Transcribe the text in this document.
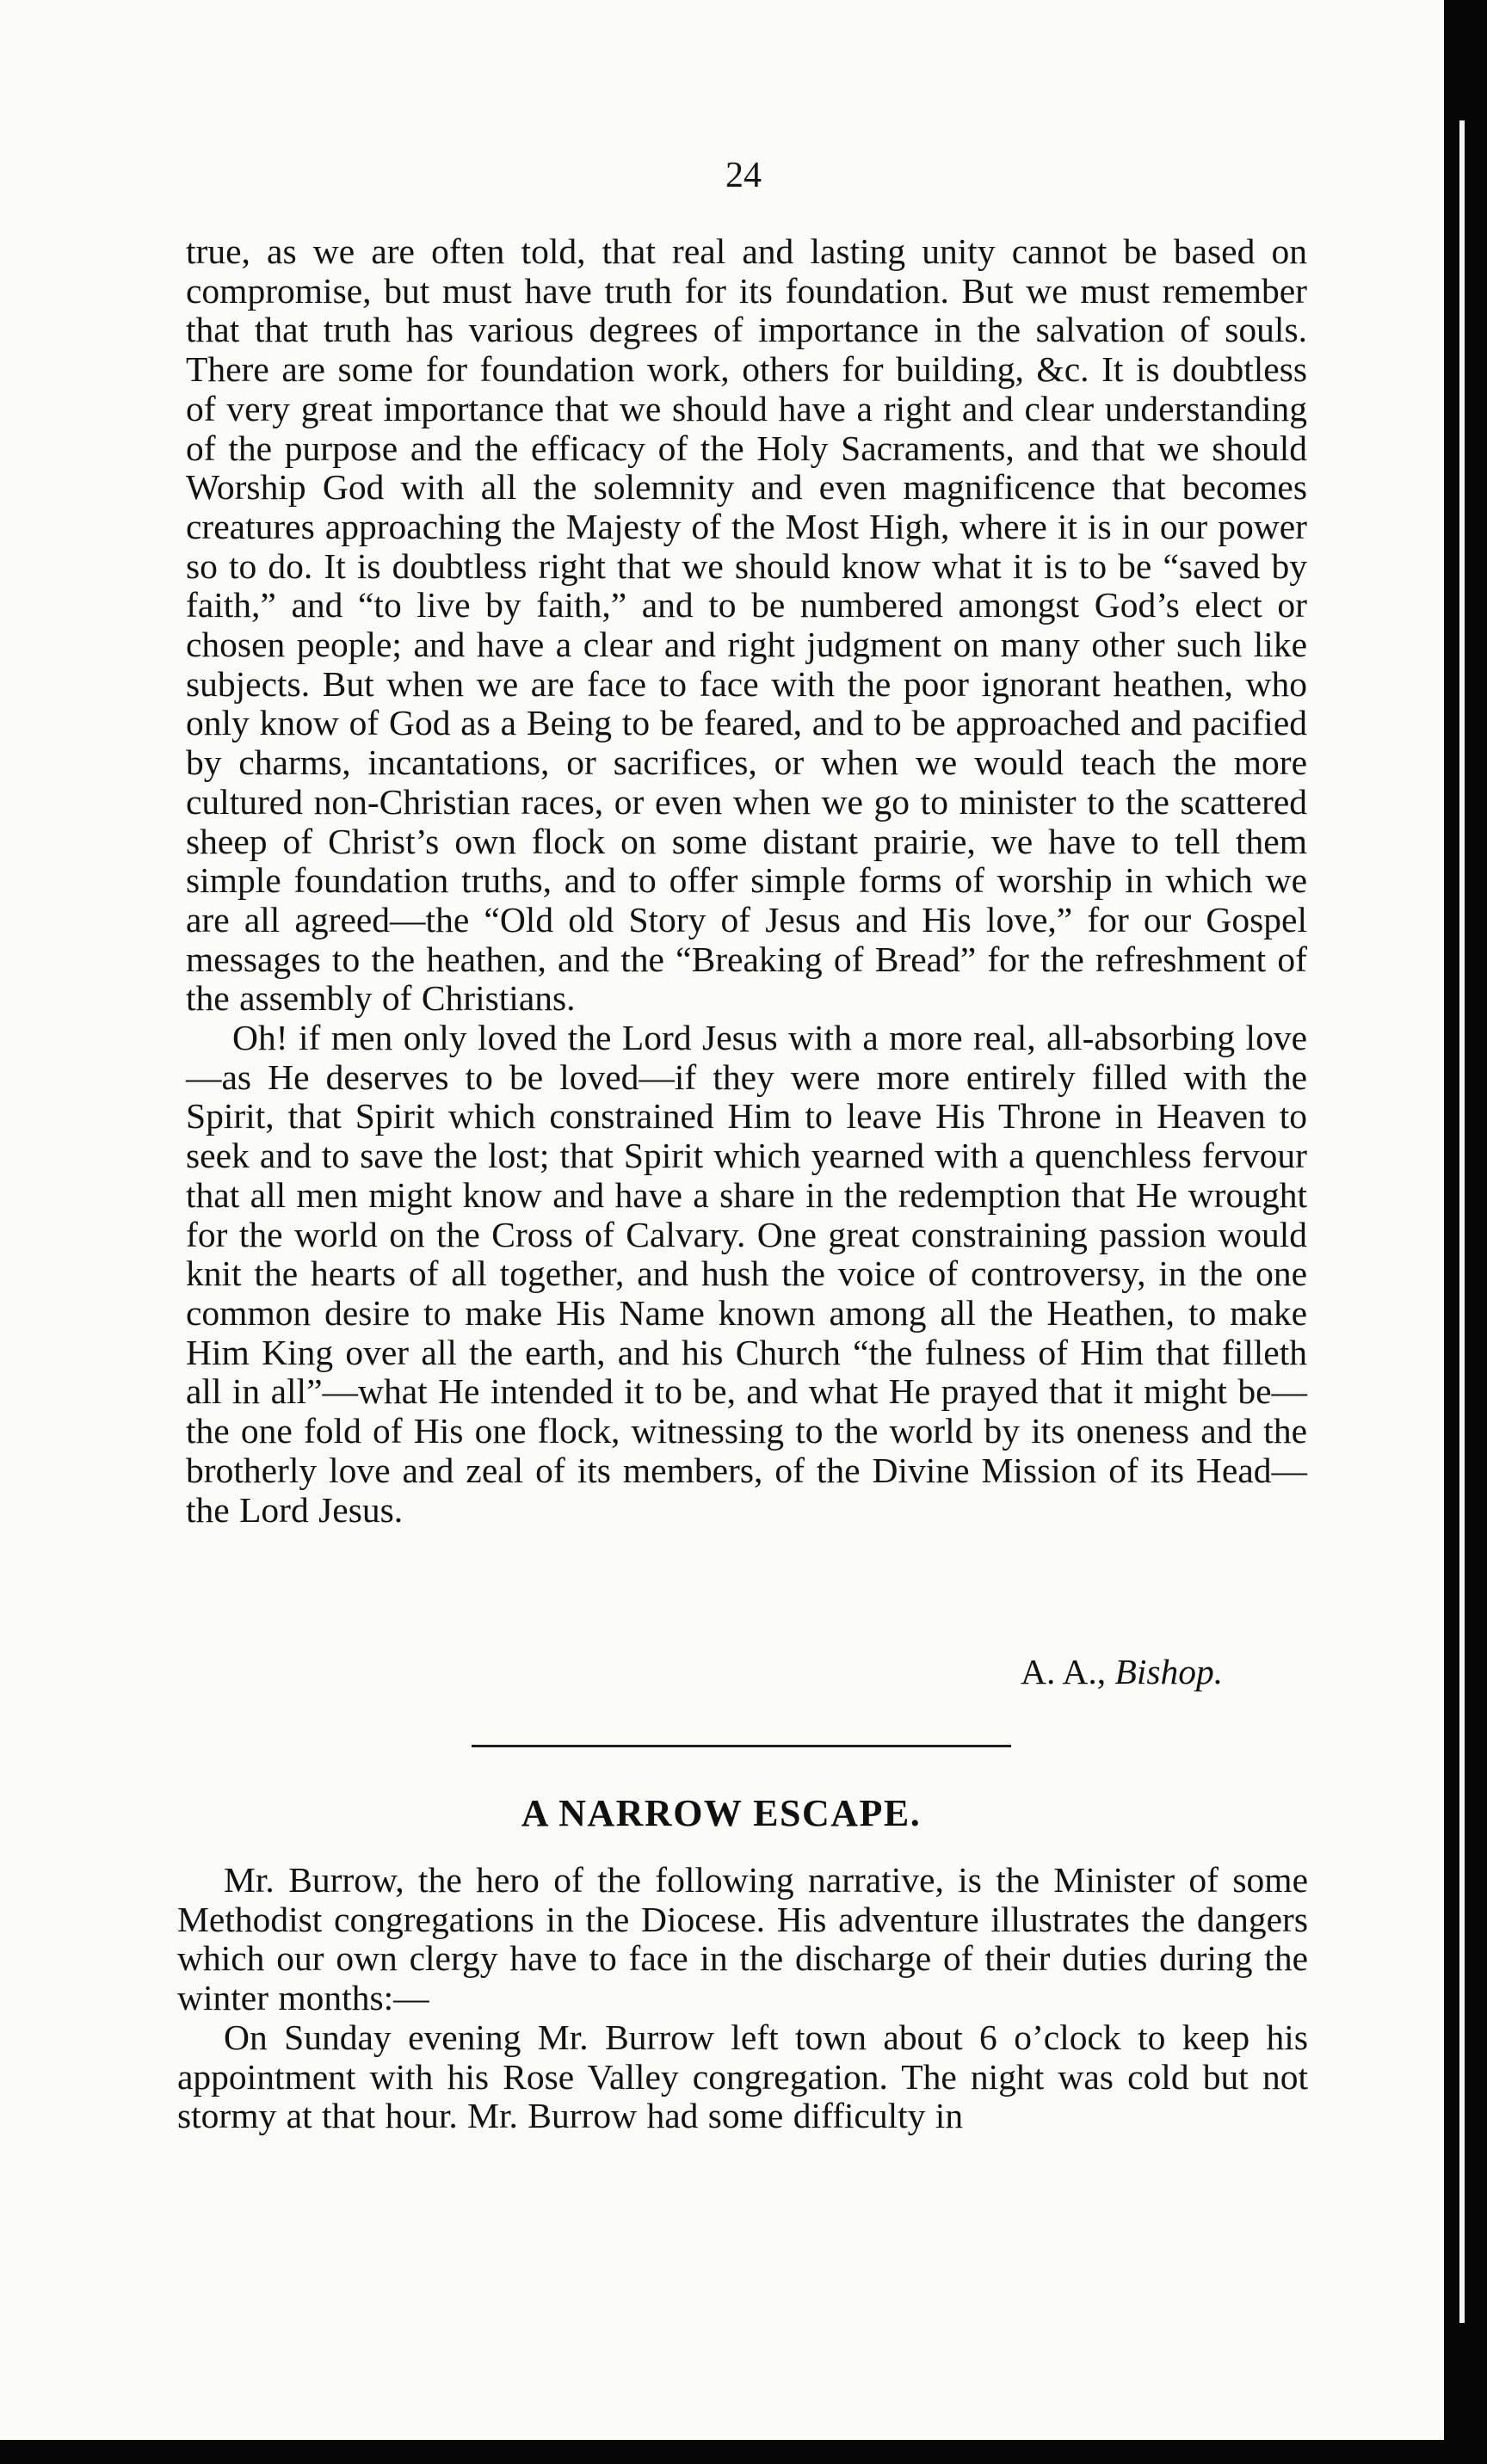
24

true, as we are often told, that real and lasting unity cannot be based on compromise, but must have truth for its foundation. But we must remember that that truth has various degrees of importance in the salvation of souls. There are some for foundation work, others for building, &c. It is doubtless of very great importance that we should have a right and clear understanding of the purpose and the efficacy of the Holy Sacraments, and that we should Worship God with all the solemnity and even magnificence that becomes creatures approaching the Majesty of the Most High, where it is in our power so to do. It is doubtless right that we should know what it is to be “saved by faith,” and “to live by faith,” and to be numbered amongst God’s elect or chosen people; and have a clear and right judgment on many other such like subjects. But when we are face to face with the poor ignorant heathen, who only know of God as a Being to be feared, and to be approached and pacified by charms, incantations, or sacrifices, or when we would teach the more cultured non-Christian races, or even when we go to minister to the scattered sheep of Christ’s own flock on some distant prairie, we have to tell them simple foundation truths, and to offer simple forms of worship in which we are all agreed—the “Old old Story of Jesus and His love,” for our Gospel messages to the heathen, and the “Breaking of Bread” for the refreshment of the assembly of Christians.

Oh! if men only loved the Lord Jesus with a more real, all-absorbing love—as He deserves to be loved—if they were more entirely filled with the Spirit, that Spirit which constrained Him to leave His Throne in Heaven to seek and to save the lost; that Spirit which yearned with a quenchless fervour that all men might know and have a share in the redemption that He wrought for the world on the Cross of Calvary. One great constraining passion would knit the hearts of all together, and hush the voice of controversy, in the one common desire to make His Name known among all the Heathen, to make Him King over all the earth, and his Church “the fulness of Him that filleth all in all”—what He intended it to be, and what He prayed that it might be—the one fold of His one flock, witnessing to the world by its oneness and the brotherly love and zeal of its members, of the Divine Mission of its Head—the Lord Jesus.

A. A., Bishop.
A NARROW ESCAPE.

Mr. Burrow, the hero of the following narrative, is the Minister of some Methodist congregations in the Diocese. His adventure illustrates the dangers which our own clergy have to face in the discharge of their duties during the winter months:—

On Sunday evening Mr. Burrow left town about 6 o’clock to keep his appointment with his Rose Valley congregation. The night was cold but not stormy at that hour. Mr. Burrow had some difficulty in
